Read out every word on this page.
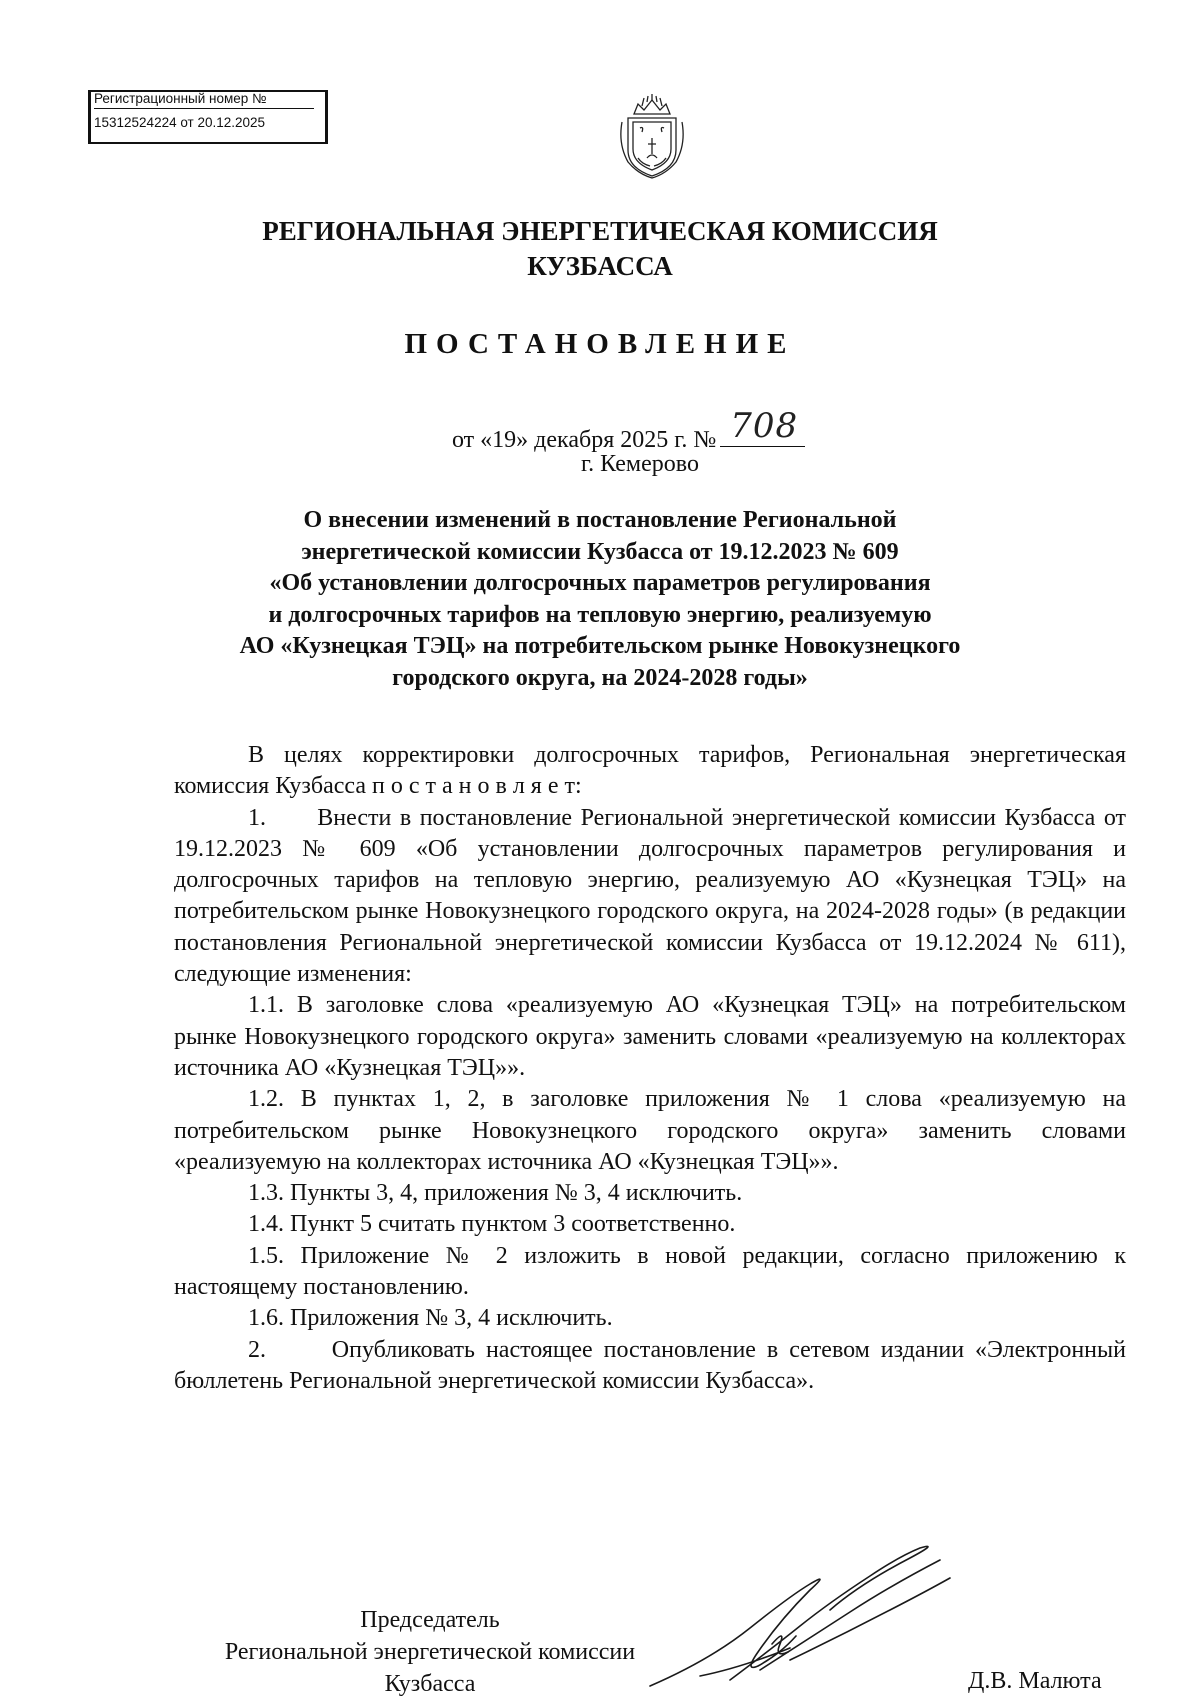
Регистрационный номер №
15312524224 от 20.12.2025
РЕГИОНАЛЬНАЯ ЭНЕРГЕТИЧЕСКАЯ КОМИССИЯ
КУЗБАССА
ПОСТАНОВЛЕНИЕ
от «19» декабря 2025 г. № 708
г. Кемерово
О внесении изменений в постановление Региональной
энергетической комиссии Кузбасса от 19.12.2023 № 609
«Об установлении долгосрочных параметров регулирования
и долгосрочных тарифов на тепловую энергию, реализуемую
АО «Кузнецкая ТЭЦ» на потребительском рынке Новокузнецкого
городского округа, на 2024-2028 годы»

В целях корректировки долгосрочных тарифов, Региональная энергетическая комиссия Кузбасса п о с т а н о в л я е т:

1.      Внести в постановление Региональной энергетической комиссии Кузбасса от 19.12.2023 № 609 «Об установлении долгосрочных параметров регулирования и долгосрочных тарифов на тепловую энергию, реализуемую АО «Кузнецкая ТЭЦ» на потребительском рынке Новокузнецкого городского округа, на 2024-2028 годы» (в редакции постановления Региональной энергетической комиссии Кузбасса от 19.12.2024 № 611), следующие изменения:

1.1. В заголовке слова «реализуемую АО «Кузнецкая ТЭЦ» на потребительском рынке Новокузнецкого городского округа» заменить словами «реализуемую на коллекторах источника АО «Кузнецкая ТЭЦ»».

1.2. В пунктах 1, 2, в заголовке приложения № 1 слова «реализуемую на потребительском рынке Новокузнецкого городского округа» заменить словами «реализуемую на коллекторах источника АО «Кузнецкая ТЭЦ»».

1.3. Пункты 3, 4, приложения № 3, 4 исключить.

1.4. Пункт 5 считать пунктом 3 соответственно.

1.5. Приложение № 2 изложить в новой редакции, согласно приложению к настоящему постановлению.

1.6. Приложения № 3, 4 исключить.

2.      Опубликовать настоящее постановление в сетевом издании «Электронный бюллетень Региональной энергетической комиссии Кузбасса».

Председатель
Региональной энергетической комиссии
Кузбасса	Д.В. Малюта
